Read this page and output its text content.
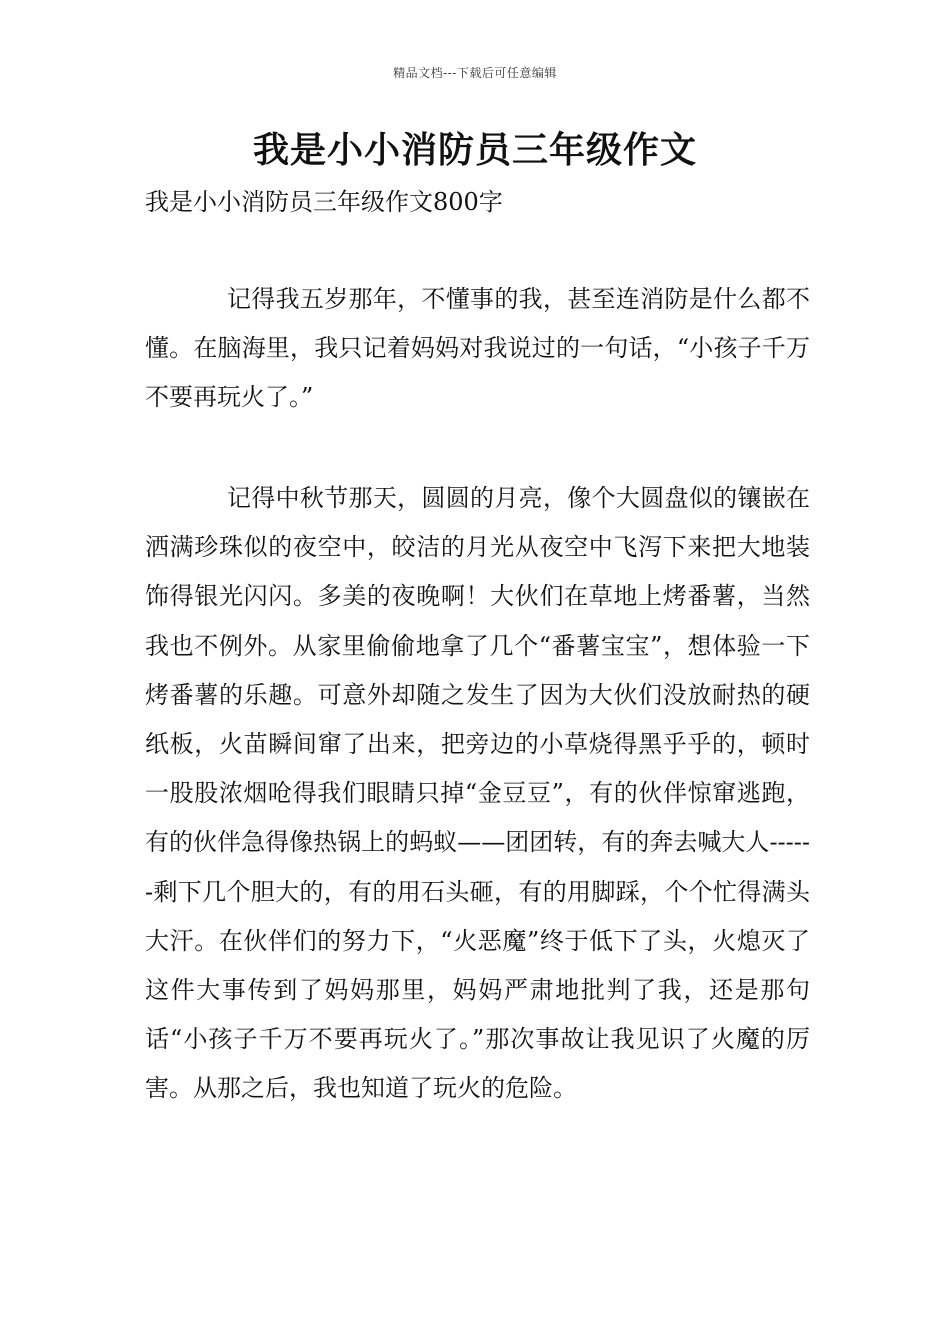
精品文档---下载后可任意编辑
我是小小消防员三年级作文

我是小小消防员三年级作文800字

记得我五岁那年，不懂事的我，甚至连消防是什么都不懂。在脑海里，我只记着妈妈对我说过的一句话，“小孩子千万不要再玩火了。”

记得中秋节那天，圆圆的月亮，像个大圆盘似的镶嵌在洒满珍珠似的夜空中，皎洁的月光从夜空中飞泻下来把大地装饰得银光闪闪。多美的夜晚啊！大伙们在草地上烤番薯，当然我也不例外。从家里偷偷地拿了几个“番薯宝宝”，想体验一下烤番薯的乐趣。可意外却随之发生了因为大伙们没放耐热的硬纸板，火苗瞬间窜了出来，把旁边的小草烧得黑乎乎的，顿时一股股浓烟呛得我们眼睛只掉“金豆豆”，有的伙伴惊窜逃跑，有的伙伴急得像热锅上的蚂蚁——团团转，有的奔去喊大人------剩下几个胆大的，有的用石头砸，有的用脚踩，个个忙得满头大汗。在伙伴们的努力下，“火恶魔”终于低下了头，火熄灭了这件大事传到了妈妈那里，妈妈严肃地批判了我，还是那句话“小孩子千万不要再玩火了。”那次事故让我见识了火魔的厉害。从那之后，我也知道了玩火的危险。
